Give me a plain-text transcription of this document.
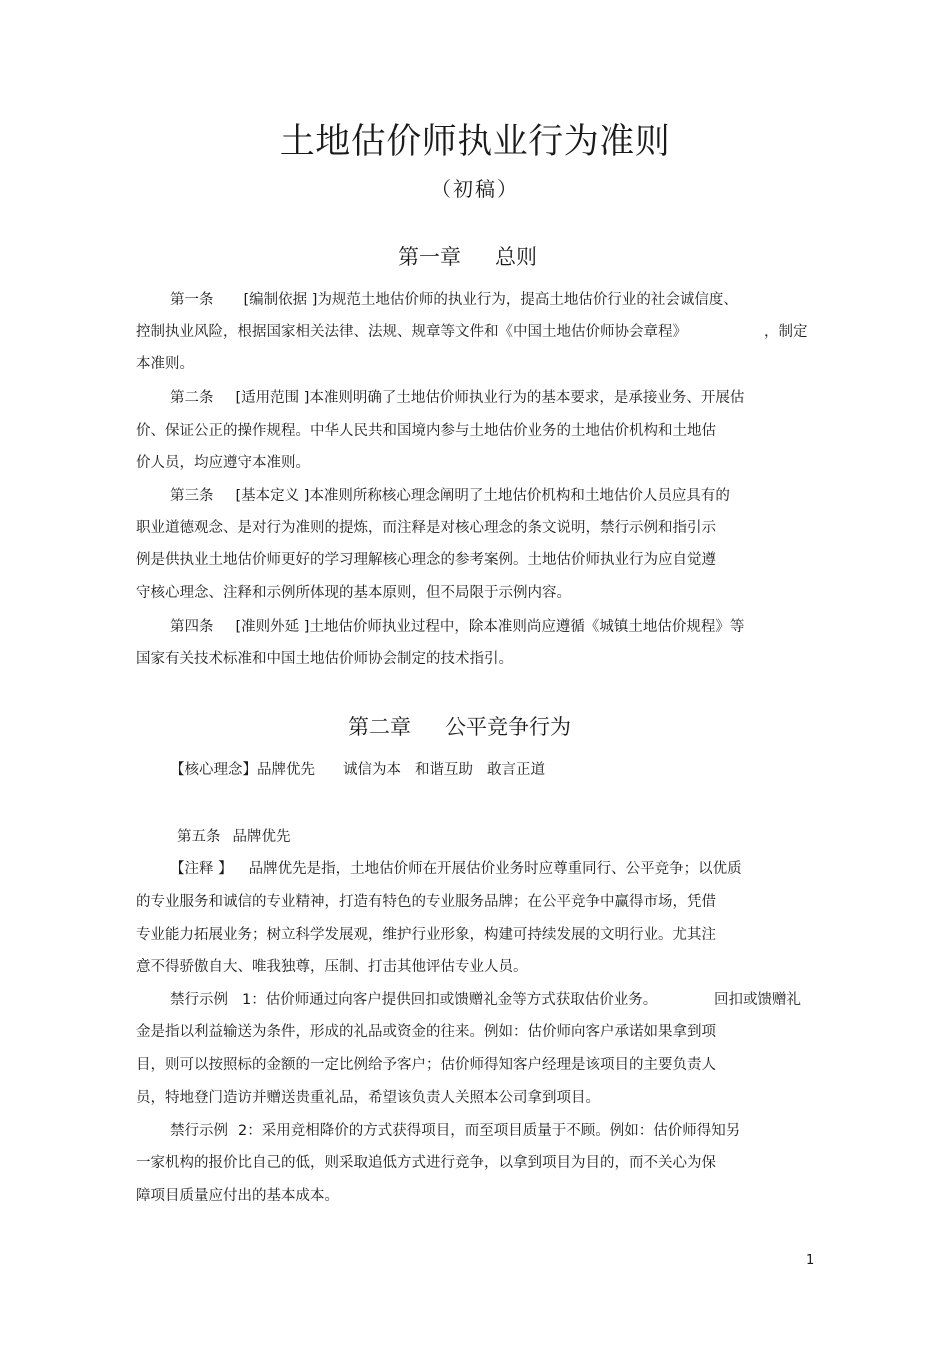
土地估价师执业行为准则
（初稿）
第一章 总则
第一条 [编制依据 ]为规范土地估价师的执业行为，提高土地估价行业的社会诚信度、
控制执业风险，根据国家相关法律、法规、规章等文件和《中国土地估价师协会章程》	，制定
本准则。
第二条 [适用范围 ]本准则明确了土地估价师执业行为的基本要求，是承接业务、开展估
价、保证公正的操作规程。中华人民共和国境内参与土地估价业务的土地估价机构和土地估
价人员，均应遵守本准则。
第三条 [基本定义 ]本准则所称核心理念阐明了土地估价机构和土地估价人员应具有的
职业道德观念、是对行为准则的提炼，而注释是对核心理念的条文说明，禁行示例和指引示
例是供执业土地估价师更好的学习理解核心理念的参考案例。土地估价师执业行为应自觉遵
守核心理念、注释和示例所体现的基本原则，但不局限于示例内容。
第四条 [准则外延 ]土地估价师执业过程中，除本准则尚应遵循《城镇土地估价规程》等
国家有关技术标准和中国土地估价师协会制定的技术指引。
第二章 公平竞争行为
【核心理念】品牌优先 诚信为本 和谐互助 敢言正道
第五条 品牌优先
【注释 】 品牌优先是指，土地估价师在开展估价业务时应尊重同行、公平竞争；以优质
的专业服务和诚信的专业精神，打造有特色的专业服务品牌；在公平竞争中赢得市场，凭借
专业能力拓展业务；树立科学发展观，维护行业形象，构建可持续发展的文明行业。尤其注
意不得骄傲自大、唯我独尊，压制、打击其他评估专业人员。
禁行示例 1：估价师通过向客户提供回扣或馈赠礼金等方式获取估价业务。	回扣或馈赠礼
金是指以利益输送为条件，形成的礼品或资金的往来。例如：估价师向客户承诺如果拿到项
目，则可以按照标的金额的一定比例给予客户；估价师得知客户经理是该项目的主要负责人
员，特地登门造访并赠送贵重礼品，希望该负责人关照本公司拿到项目。
禁行示例 2：采用竞相降价的方式获得项目，而至项目质量于不顾。例如：估价师得知另
一家机构的报价比自己的低，则采取追低方式进行竞争，以拿到项目为目的，而不关心为保
障项目质量应付出的基本成本。
1
